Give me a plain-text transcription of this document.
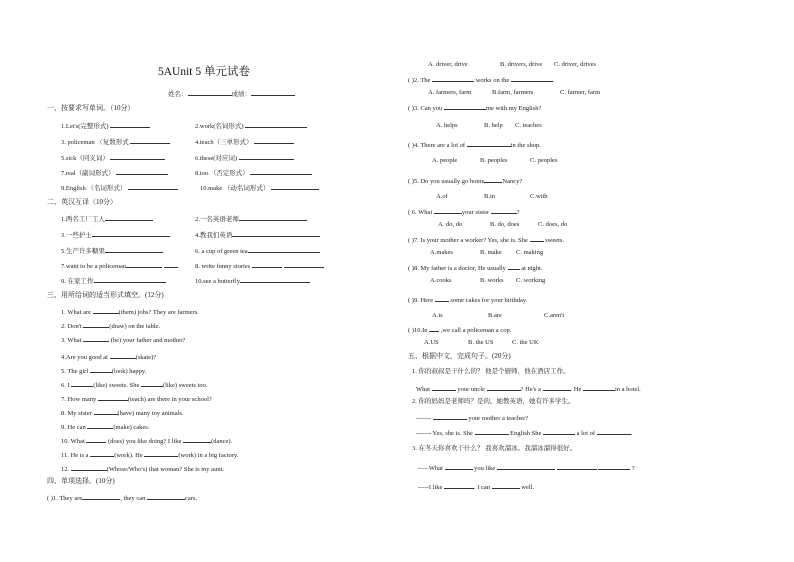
5AUnit 5 单元试卷
姓名：	成绩：
一、按要求写单词。（10分）
1.Let's(完整形式)	2.work(名词形式)
3. policeman （复数形式	4.teach（三单形式）
5.sick（同义词）	6.these(对应词)
7.real（副词形式）	8.too.（否定形式）
9.English （名词形式）	10.make （动名词形式）
二、英汉互译（10分）
1.两名工厂工人	2.一名英语老师
3.一些护士	4.教我们英语
5.生产许多糖果	6. a cup of green tea
7.want to be a policeman	8. write funny stories
9. 在家工作	10.see a butterfly
三、用所给词的适当形式填空。(12分)
1. What are	(them) jobs? They are farmers.
2. Don't	(draw) on the table.
3. What	(be) your father and mother?
4.Are you good at	(skate)?
5. The girl	(look) happy.
6. I	(like) sweets. She	(like) sweets too.
7. How many	(teach) are there in your school?
8. My sister	(have) many toy animals.
9. He can	(make) cakes.
10. What	(does) you like doing? I like	(dance).
11. He is a	(work). He	(work) in a big factory.
12.	(Whose/Who's) that woman? She is my aunt.
四、单项选择。(10分)
( )1. They are	, they can	cars.
A. driver, drive	B. drivers, drive C. driver, drives
( )2. The	works on the	.
A. farmers, farm	B.farm, farmers	C. farmer, farm
( )3. Can you	me with my English?
A. helps	B. help C. teaches
( )4. There are a lot of	in the shop.
A. people	B. peoples	C. peoples
( )5. Do you usually go home	Nancy?
A.of	B.in	C.with
( 6. What	your sister	?
A. do, do	B. do, does	C. does, do
( )7. Is your mother a worker? Yes, she is. She  sweets.
A.makes	B. make C. making
( )8. My father is a doctor, He usually  at night.
A.cooks	B. works C. working
( )9. Here  some cakes for your birthday.
A.is	B.are	C.aren't
( )10.In  ,we call a policeman a cop.
A.US	B. the US	C. the UK
五、根据中文，完成句子。(20分)
1. 你的叔叔是干什么的？ 他是个厨师，他在酒店工作。
What	your uncle	? He's a	. He	in a hotel.
2. 你的妈妈是老师吗？是的。她教英语，她有许多学生。
-------	your mother a teacher?
------- Yes, she is. She	English She	a lot of	.
3. 在冬天你喜欢干什么？ 我喜欢溜冰。我溜冰溜得很好。
-----What	you like	?
-----I like	. I can	well.
